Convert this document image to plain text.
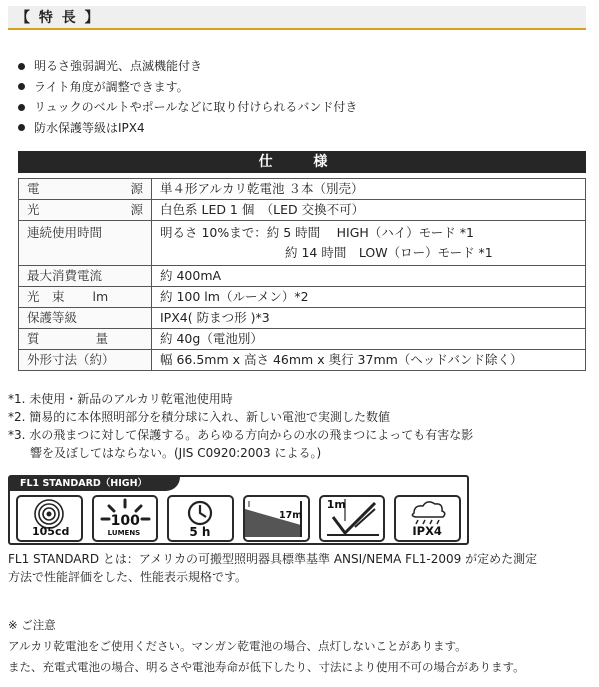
【 特 長 】
明るさ強弱調光、点滅機能付き
ライト角度が調整できます。
リュックのベルトやポールなどに取り付けられるバンド付き
防水保護等級はIPX4
仕 様
電 源	単４形アルカリ乾電池 ３本（別売）

光 源	白色系 LED 1 個　（LED 交換不可）

連続使用時間	明るさ 10%まで：約 5 時間　 HIGH（ハイ）モード *1
約 14 時間　LOW（ロー）モード *1

最大消費電流	約 400mA

光　束 lm	約 100 lm（ルーメン）*2

保護等級	IPX4( 防まつ形 )*3

質 量	約 40g（電池別）

外形寸法（約）	幅 66.5mm x 高さ 46mm x 奥行 37mm（ヘッドバンド除く）
*1. 未使用・新品のアルカリ乾電池使用時
*2. 簡易的に本体照明部分を積分球に入れ、新しい電池で実測した数値
*3. 水の飛まつに対して保護する。あらゆる方向からの水の飛まつによっても有害な影
響を及ぼしてはならない。(JIS C0920:2003 による。)
FL1 STANDARD（HIGH）
105cd
100
LUMENS	5 h
17m
1m
IPX4
FL1 STANDARD とは：アメリカの可搬型照明器具標準基準 ANSI/NEMA FL1-2009 が定めた測定
方法で性能評価をした、性能表示規格です。
※ ご注意
アルカリ乾電池をご使用ください。マンガン乾電池の場合、点灯しないことがあります。
また、充電式電池の場合、明るさや電池寿命が低下したり、寸法により使用不可の場合があります。
